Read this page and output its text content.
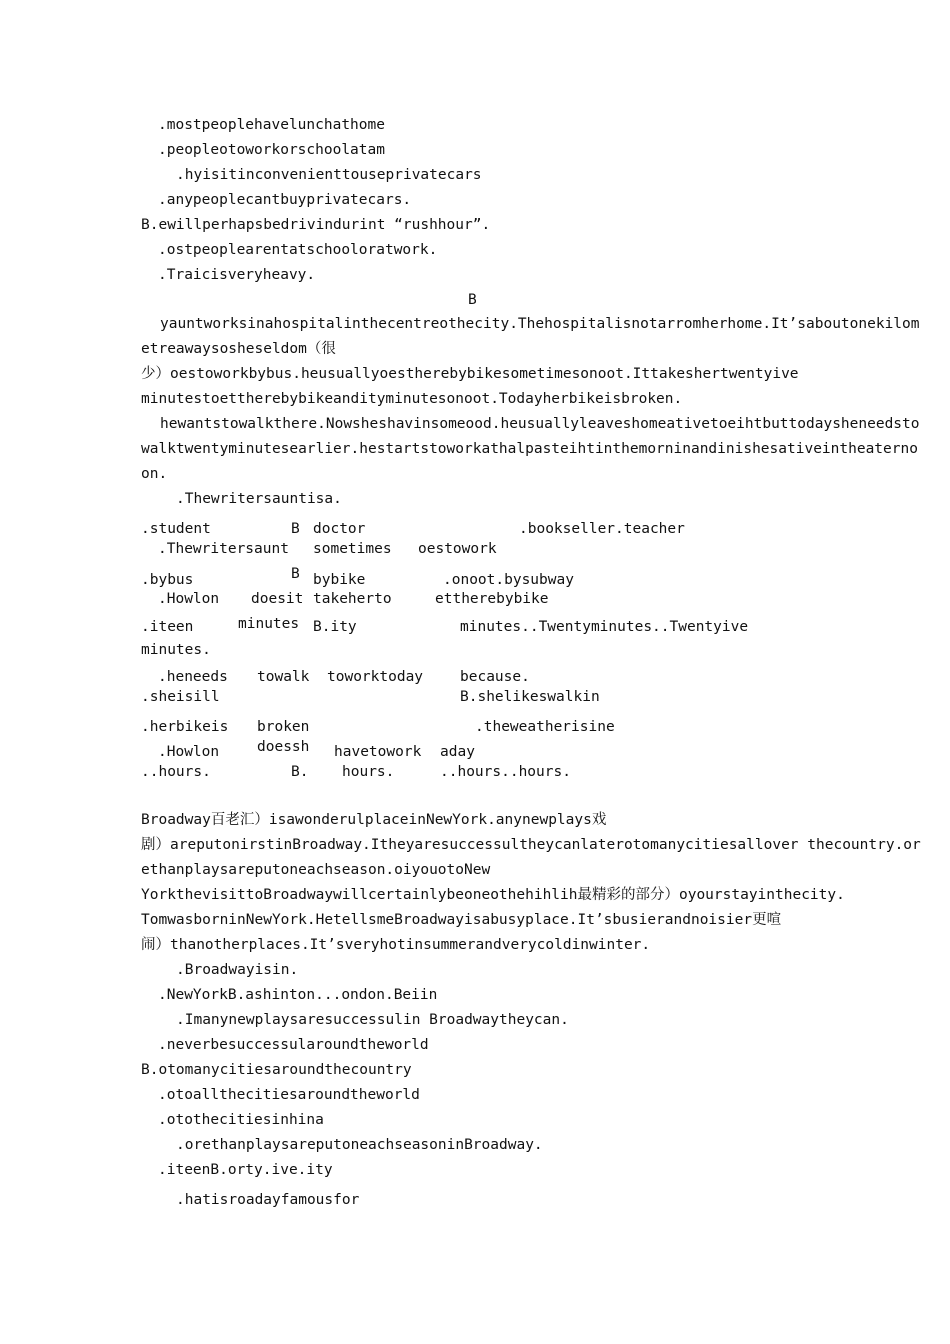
.mostpeoplehavelunchathome
.peopleotoworkorschoolatam
.hyisitinconvenienttouseprivatecars
.anypeoplecantbuyprivatecars.
B.ewillperhapsbedrivindurint “rushhour”.
.ostpeoplearentatschooloratwork.
.Traicisveryheavy.
B
yauntworksinahospitalinthecentreothecity.Thehospitalisnotarromherhome.It’saboutonekilom
etreawaysosheseldom（很
少）oestoworkbybus.heusuallyoestherebybikesometimesonoot.Ittakeshertwentyive
minutestoettherebybikeandityminutesonoot.Todayherbikeisbroken.
hewantstowalkthere.Nowsheshavinsomeood.heusuallyleaveshomeativetoeihtbuttodaysheneedsto
walktwentyminutesearlier.hestartstoworkathalpasteihtinthemorninandinishesativeintheaterno
on.
.Thewritersauntisa.
.student	B doctor	.bookseller.teacher
.Thewritersaunt sometimes oestowork
.bybus	B bybike	.onoot.bysubway
.Howlon doesit takeherto	ettherebybike
.iteen	minutes B.ity	minutes..Twentyminutes..Twentyive
minutes.
.heneeds towalk toworktoday	because.
.sheisill	B.shelikeswalkin
.herbikeis broken	.theweatherisine
.Howlon	doessh havetowork aday
..hours.	B. hours.	..hours..hours.
Broadway百老汇）isawonderulplaceinNewYork.anynewplays戏
剧）areputonirstinBroadway.Itheyaresuccessultheycanlaterotomanycitiesallover thecountry.or
ethanplaysareputoneachseason.oiyouotoNew
YorkthevisittoBroadwaywillcertainlybeoneothehihlih最精彩的部分）oyourstayinthecity.
TomwasborninNewYork.HetellsmeBroadwayisabusyplace.It’sbusierandnoisier更喧
闹）thanotherplaces.It’sveryhotinsummerandverycoldinwinter.
.Broadwayisin.
.NewYorkB.ashinton...ondon.Beiin
.Imanynewplaysaresuccessulin Broadwaytheycan.
.neverbesuccessularoundtheworld
B.otomanycitiesaroundthecountry
.otoallthecitiesaroundtheworld
.otothecitiesinhina
.orethanplaysareputoneachseasoninBroadway.
.iteenB.orty.ive.ity
.hatisroadayfamousfor
